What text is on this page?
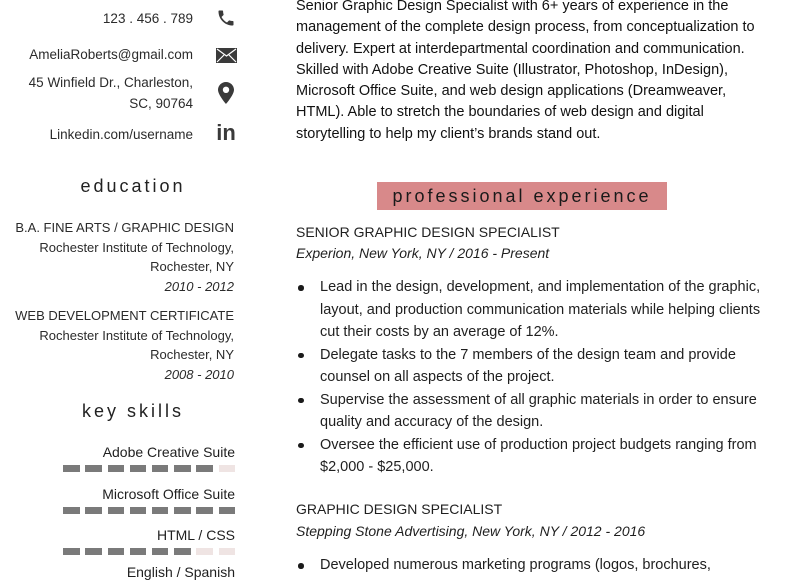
123 . 456 . 789
AmeliaRoberts@gmail.com
45 Winfield Dr., Charleston,
SC, 90764
Linkedin.com/username in
education
B.A. FINE ARTS / GRAPHIC DESIGN
Rochester Institute of Technology,
Rochester, NY
2010 - 2012
WEB DEVELOPMENT CERTIFICATE
Rochester Institute of Technology,
Rochester, NY
2008 - 2010
key skills
Adobe Creative Suite
Microsoft Office Suite
HTML / CSS
English / Spanish

Senior Graphic Design Specialist with 6+ years of experience in the management of the complete design process, from conceptualization to delivery. Expert at interdepartmental coordination and communication. Skilled with Adobe Creative Suite (Illustrator, Photoshop, InDesign), Microsoft Office Suite, and web design applications (Dreamweaver, HTML). Able to stretch the boundaries of web design and digital storytelling to help my client’s brands stand out.

professional experience
SENIOR GRAPHIC DESIGN SPECIALIST
Experion, New York, NY / 2016 - Present
Lead in the design, development, and implementation of the graphic, layout, and production communication materials while helping clients cut their costs by an average of 12%.
Delegate tasks to the 7 members of the design team and provide counsel on all aspects of the project.
Supervise the assessment of all graphic materials in order to ensure quality and accuracy of the design.
Oversee the efficient use of production project budgets ranging from $2,000 - $25,000.
GRAPHIC DESIGN SPECIALIST
Stepping Stone Advertising, New York, NY / 2012 - 2016
Developed numerous marketing programs (logos, brochures,
